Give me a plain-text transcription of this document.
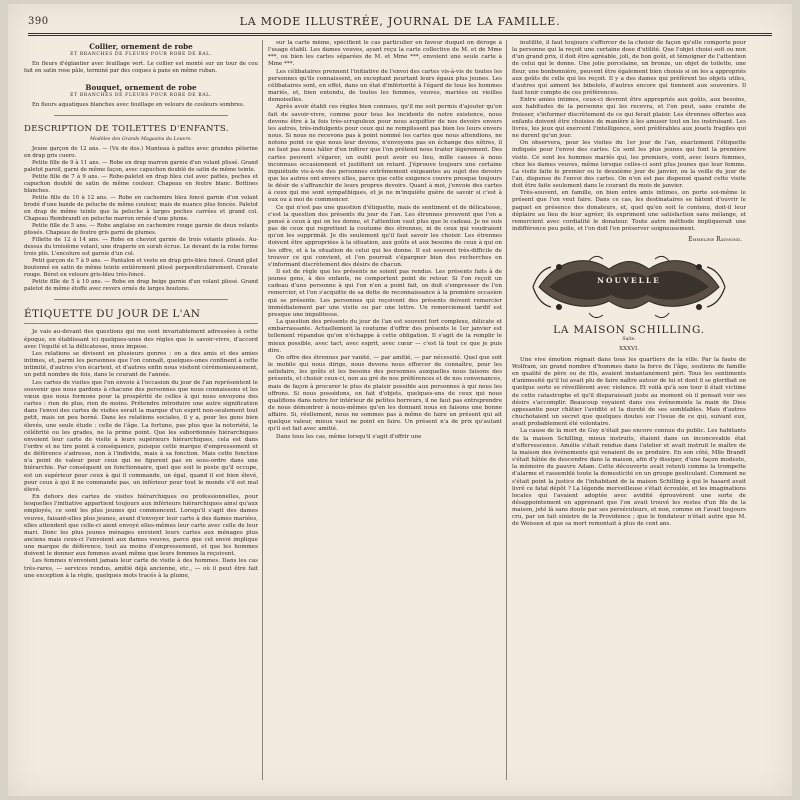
390	LA MODE ILLUSTRÉE, JOURNAL DE LA FAMILLE.
Collier, ornement de robe
ET BRANCHES DE FLEURS POUR ROBE DE BAL.

En fleurs d'églantier avec feuillage vert. Le collier est monté sur un tour de cou fait en satin rose pâle, terminé par des coques à pans en même ruban.

Bouquet, ornement de robe
ET BRANCHES DE FLEURS POUR ROBE DE BAL.

En fleurs aquatiques blanches avec feuillage en velours de couleurs sombres.

DESCRIPTION DE TOILETTES D'ENFANTS.
Modèles des Grands Magasins du Louvre.

Jeune garçon de 12 ans. — (Vu de dos.) Manteau à pattes avec grandes pèlerine en drap gris cuero.

Petite fille de 9 à 11 ans. — Robe en drap marron garnie d'un volant plissé. Grand paletot pareil, garni de même façon, avec capuchon doublé de satin de même teinte.

Petite fille de 7 à 9 ans. — Robe-paletot en drap bleu ciel avec pattes, poches et capuchon doublé de satin de même couleur. Chapeau en feutre blanc. Bottines blanches.

Petite fille de 10 à 12 ans. — Robe en cachemire bleu foncé garnie d'un volant brodé d'une bande de peluche de même couleur, mais de nuance plus foncée. Paletot en drap de même teinte que la peluche à larges poches carrées et grand col. Chapeau Rembrandt en peluche marron ornée d'une plume.

Petite fille de 5 ans. — Robe anglaise en cachemire rouge garnie de deux volants plissés. Chapeau de feutre gris garni de plumes.

Fillette de 12 à 14 ans. — Robe en cheviot garnie de trois volants plissés. Au-dessus du troisième volant, une draperie en surah écrue. Le devant de la robe forme trois plis. L'encolure est garnie d'un col.

Petit garçon de 7 à 9 ans. — Pantalon et veste en drap gris-bleu foncé. Grand gilet boutonné en satin de même teinte entièrement plissé perpendiculairement. Cravate rouge. Béret en velours gris-bleu très-foncé.

Petite fille de 5 à 10 ans. — Robe en drap beige garnie d'un volant plissé. Grand paletot de même étoffe avec revers ornés de larges boutons.

ÉTIQUETTE DU JOUR DE L'AN

Je vais au-devant des questions qui me sont invariablement adressées à cette époque, en établissant ici quelques-unes des règles que le savoir-vivre, d'accord avec l'équité et la délicatesse, nous impose.

Les relations se divisent en plusieurs genres : on a des amis et des amies intimes, et, parmi les personnes que l'on connaît, quelques-unes confinent à cette intimité, d'autres s'en écartent, et d'autres enfin nous visitent cérémonieusement, un petit nombre de fois, dans le courant de l'année.

Les cartes de visites que l'on envoie à l'occasion du jour de l'an représentent le souvenir que nous gardons à chacune des personnes que nous connaissons et les vœux que nous formons pour la prospérité de celles à qui nous envoyons des cartes : rien de plus, rien de moins. Prétendre introduire une autre signification dans l'envoi des cartes de visites serait la marque d'un esprit non-seulement tout petit, mais un peu borné. Dans les relations sociales, il y a, pour les gens bien élevés, une seule étude : celle de l'âge. La fortune, pas plus que la notoriété, la célébrité ou les grades, ne la prime point. Que les subordonnés hiérarchiques envoient leur carte de visite à leurs supérieurs hiérarchiques, cela est dans l'ordre et ne tire point à conséquence, puisque cette marque d'empressement et de déférence s'adresse, non à l'individu, mais à sa fonction. Mais cette fonction n'a point de valeur pour ceux qui ne figurent pas en sous-ordre dans une hiérarchie. Par conséquent un fonctionnaire, quel que soit le poste qu'il occupe, est un supérieur pour ceux à qui il commande, un égal, quand il est bien élevé, pour ceux à qui il ne commande pas, un inférieur pour tout le monde s'il est mal élevé.

En dehors des cartes de visites hiérarchiques ou professionnelles, pour lesquelles l'initiative appartient toujours aux inférieurs hiérarchiques ainsi qu'aux employés, ce sont les plus jeunes qui commencent. Lorsqu'il s'agit des dames veuves, faisant-elles plus jeunes, avant d'envoyer leur carte à des dames mariées, elles attendent que celle-ci aient envoyé elles-mêmes leur carte avec celle de leur mari. Donc les plus jeunes ménages envoient leurs cartes aux ménages plus anciens mais ceux-ci l'envoient aux dames veuves, parce que cet envoi implique une marque de déférence, tout au moins d'empressement, et que les hommes doivent le donner aux femmes avant même que leurs femmes la reçoivent.

Les femmes n'envoient jamais leur carte de visite à des hommes. Dans les cas très-rares, — services rendus, amitié déjà ancienne, etc., — où il peut être fait une exception à la règle, quelques mots tracés à la plume,

sur la carte même, spécifient le cas particulier en faveur duquel on déroge à l'usage établi. Les dames veuves, ayant reçu la carte collective de M. et de Mme ***, ou bien les cartes séparées de M. et Mme ***, envoient une seule carte à Mme ***.

Les célibataires prennent l'initiative de l'envoi des cartes vis-à-vis de toutes les personnes qu'ils connaissent, en exceptant pourtant leurs égaux plus jeunes. Les célibataires sont, en effet, dans un état d'infériorité à l'égard de tous les hommes mariés, et, bien entendu, de toutes les femmes, veuves, mariées ou vieilles demoiselles.

Après avoir établi ces règles bien connues, qu'il me soit permis d'ajouter qu'en fait de savoir-vivre, comme pour tous les incidents de notre existence, nous devons être à la fois très-scrupuleux pour nous acquitter de nos devoirs envers les autres, très-indulgents pour ceux qui ne remplissent pas bien les leurs envers nous. Si nous ne recevons pas à point nommé les cartes que nous attendions, ne notons point ce que nous leur devons, n'envoyons pas en échange des nôtres, il ne faut pas nous hâter d'en inférer que l'on prétend nous traiter légèrement. Des cartes peuvent s'égarer, un oubli peut avoir eu lieu, mille causes à nous inconnues occasionnent et justifient un retard. J'éprouve toujours une certaine inquiétude vis-à-vis des personnes extrêmement exigeantes au sujet des devoirs que les autres ont envers elles, parce que cette exigence couvre presque toujours le désir de s'affranchir de leurs propres devoirs. Quant à moi, j'envoie des cartes à ceux qui me sont sympathiques, et je ne m'inquiète guère de savoir si c'est à eux ou à moi de commencer.

Ce qui n'est pas une question d'étiquette, mais de sentiment et de délicatesse, c'est la question des présents du jour de l'an. Les étrennes prouvent que l'on a pensé à ceux à qui on les donne, et l'attention vaut plus que le cadeau. Je ne suis pas de ceux qui regrettent la coutume des étrennes, ni de ceux qui voudraient qu'on les supprimât. Je dis seulement qu'il faut savoir les choisir. Les étrennes doivent être appropriées à la situation, aux goûts et aux besoins de ceux à qui on les offre, et à la situation de celui qui les donne. Il est souvent très-difficile de trouver ce qui convient, et l'on pourrait s'épargner bien des recherches en s'informant discrètement des désirs de chacun.

Il est de règle que les présents ne soient pas rendus. Les présents faits à de jeunes gens, à des enfants, ne comportent point de retour. Si l'on reçoit un cadeau d'une personne à qui l'on n'en a point fait, on doit s'empresser de l'en remercier, et l'on s'acquitte de sa dette de reconnaissance à la première occasion qui se présente. Les personnes qui reçoivent des présents doivent remercier immédiatement par une visite ou par une lettre. Un remerciement tardif est presque une impolitesse.

La question des présents du jour de l'an est souvent fort complexe, délicate et embarrassante. Actuellement la coutume d'offrir des présents le 1er janvier est tellement répandue qu'on n'échappe à cette obligation. Il s'agit de la remplir le mieux possible, avec tact, avec esprit, avec cœur — c'est là tout ce que je puis dire.

On offre des étrennes par vanité, — par amitié, — par nécessité. Quel que soit le mobile qui nous dirige, nous devons nous efforcer de connaître, pour les satisfaire, les goûts et les besoins des personnes auxquelles nous faisons des présents, et choisir ceux-ci, non au gré de nos préférences et de nos convenances, mais de façon à procurer le plus de plaisir possible aux personnes à qui nous les offrons. Si nous possédons, en fait d'objets, quelques-uns de ceux qui nous qualifions dans notre for intérieur de petites horreurs, il ne faut pas entreprendre de nous démontrer à nous-mêmes qu'en les donnant nous en faisons une bonne affaire. Si, réellement, nous ne sommes pas à même de faire un présent qui ait quelque valeur, mieux vaut ne point en faire. Un présent n'a de prix qu'autant qu'il est fait avec amitié.

Dans tous les cas, même lorsqu'il s'agit d'offrir une

inutilité, il faut toujours s'efforcer de la choisir de façon qu'elle comporte pour la personne qui la reçoit une certaine dose d'utilité. Que l'objet choisi soit ou non d'un grand prix, il doit être agréable, joli, de bon goût, et témoigner de l'attention de celui qui le donne. Une jolie porcelaine, un bronze, un objet de toilette, une fleur, une bonbonnière, peuvent être également bien choisis si on les a appropriés aux goûts de celle qui les reçoit. Il y a des dames qui préfèrent les objets utiles, d'autres qui aiment les bibelots, d'autres encore qui tiennent aux souvenirs. Il faut tenir compte de ces préférences.

Entre amies intimes, ceux-ci devront être appropriés aux goûts, aux besoins, aux habitudes de la personne qui les recevra, et l'on peut, sans crainte de froisser, s'informer discrètement de ce qui ferait plaisir. Les étrennes offertes aux enfants doivent être choisies de manière à les amuser tout en les instruisant. Les livres, les jeux qui exercent l'intelligence, sont préférables aux jouets fragiles qui ne durent qu'un jour.

On observera, pour les visites du 1er jour de l'an, exactement l'étiquette indiquée pour l'envoi des cartes. Ce sont les plus jeunes qui font la première visite. Ce sont les hommes mariés qui, les premiers, vont, avec leurs femmes, chez les dames veuves, même lorsque celles-ci sont plus jeunes que leur femme. La visite faite le premier ou le deuxième jour de janvier, ou la veille du jour de l'an, dispense de l'envoi des cartes. On n'en est pas dispensé quand cette visite doit être faite seulement dans le courant du mois de janvier.

Très-souvent, en famille, on bien entre amis intimes, on porte soi-même le présent que l'on veut faire. Dans ce cas, les destinataires se hâtent d'ouvrir le paquet en présence des donateurs, et, quel qu'en soit le contenu, doit-il leur déplaire au lieu de leur agréer, ils expriment une satisfaction sans mélange, et remercient avec cordialité le donateur. Toute autre méthode impliquerait une indifférence peu polie, et l'on doit l'en préserver soigneusement.

Emmeline Raymond.
NOUVELLE
LA MAISON SCHILLING.
Suite.
XXXVI.

Une vive émotion régnait dans tous les quartiers de la ville. Par la faute de Wolfram, un grand nombre d'hommes dans la force de l'âge, soutiens de famille en qualité de père ou de fils, avaient instantanément péri. Tous les sentiments d'animosité qu'il lui avait plu de faire naître autour de lui et dont il se glorifiait en quelque sorte se réveillèrent avec violence. Et voilà qu'à son tour il était victime de cette catastrophe et qu'il disparaissait juste au moment où il pensait voir ses désirs s'accomplir. Beaucoup voyaient dans ces événements la main de Dieu appesantie pour châtier l'avidité et la dureté de ses semblables. Mais d'autres chuchotaient un secret que quelques doutes sur l'issue de ce qui, suivant eux, avait probablement été volontaire.

La cause de la mort de Guy n'était pas encore connue du public. Les habitants de la maison Schilling, mieux instruits, étaient dans un inconcevable état d'effervescence. Amélie s'était rendue dans l'atelier et avait instruit le maître de la maison des événements qui venaient de se produire. En son côté, Mlle Brandt s'était hâtée de descendre dans la maison, afin d'y dissiper, d'une façon modeste, la mémoire du pauvre Adam. Cette découverte avait retenti comme la trompette d'alarme et rassemblé toute la domesticité en un groupe gesticulant. Comment ne s'était point la justice de l'inhabitant de la maison Schilling à qui le hasard avait livré ce fatal dépôt ? La légende merveilleuse s'était écroulée, et les imaginations locales qui l'avaient adoptée avec avidité éprouvèrent une sorte de désappointement en apprenant que l'on avait trouvé les restes d'un fils de la maison, jeté là sans doute par ses persécuteurs, et non, comme on l'avait toujours cru, par un fait sinistre de la Providence ; que le fondateur n'était autre que M. de Weissen et que sa mort remontait à plus de cent ans.
